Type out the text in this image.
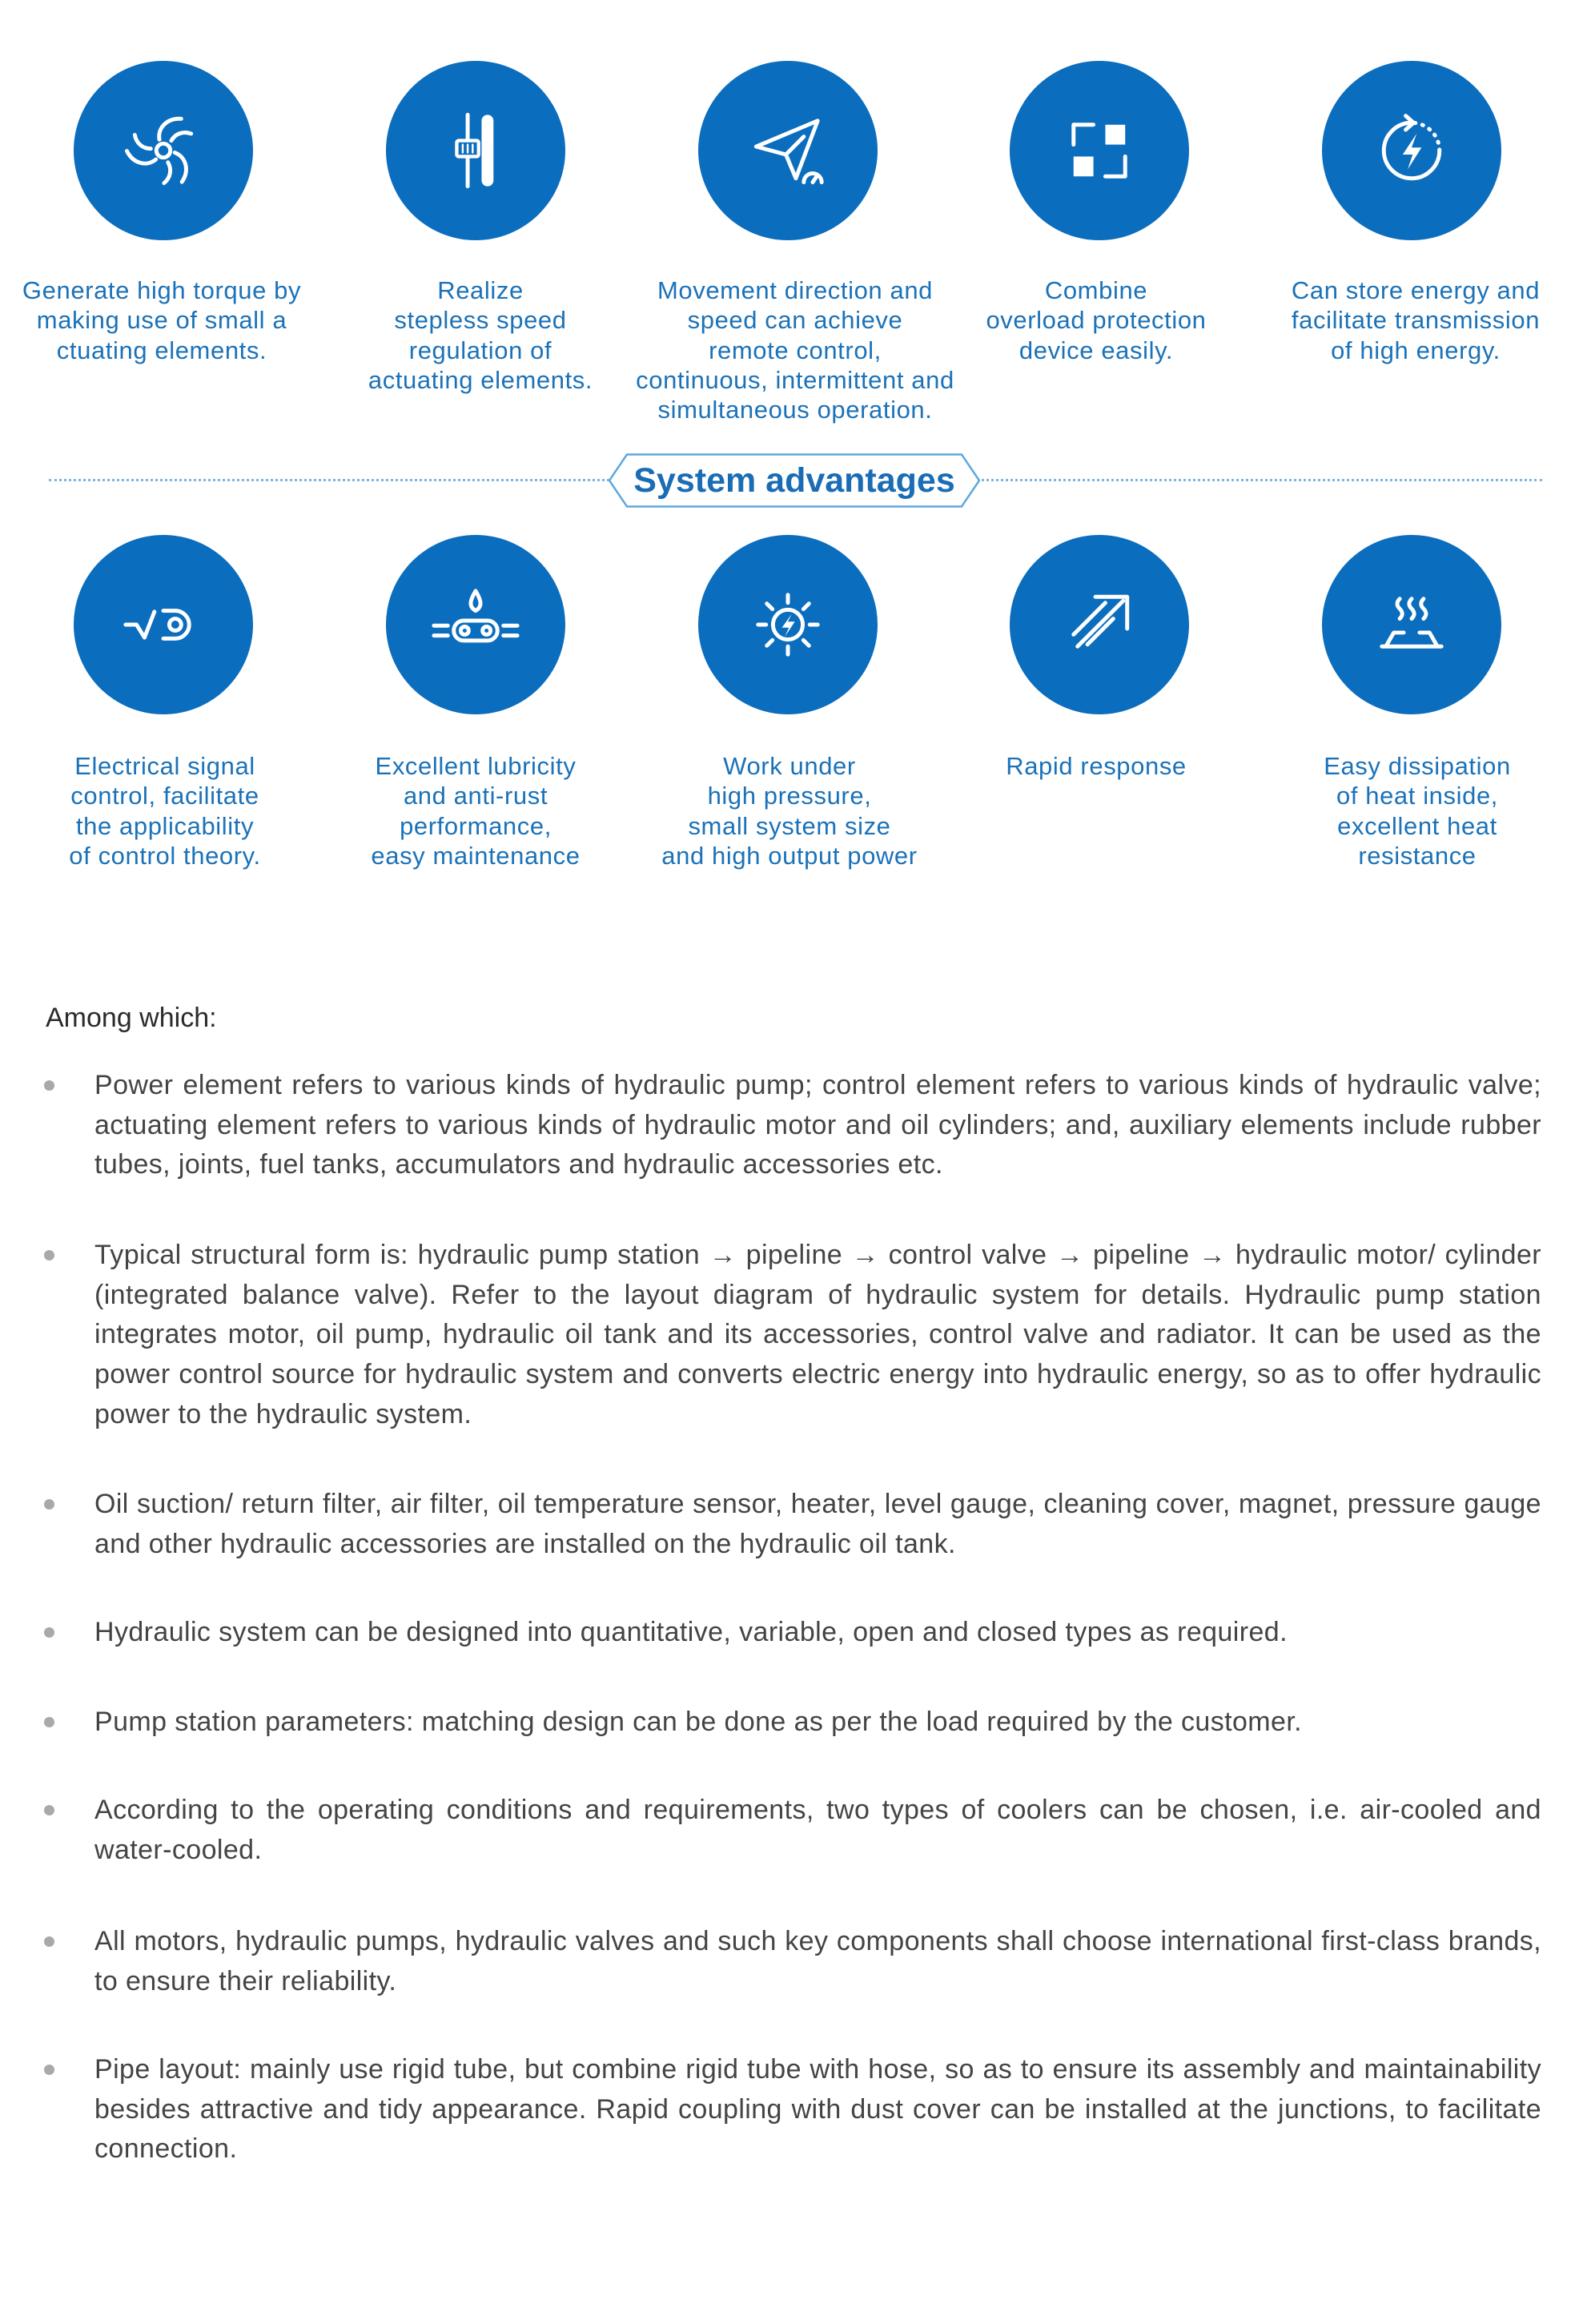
Generate high torque by
making use of small a
ctuating elements.
Realize
stepless speed
regulation of
actuating elements.
Movement direction and
speed can achieve
remote control,
continuous, intermittent and
simultaneous operation.
Combine
overload protection
device easily.
Can store energy and
facilitate transmission
of high energy.
System advantages
Electrical signal
control, facilitate
the applicability
of control theory.
Excellent lubricity
and anti-rust
performance,
easy maintenance
Work under
high pressure,
small system size
and high output power
Rapid response	Easy dissipation
of heat inside,
excellent heat
resistance
Among which:
Power element refers to various kinds of hydraulic pump; control element refers to various kinds of hydraulic valve; actuating element refers to various kinds of hydraulic motor and oil cylinders; and, auxiliary elements include rubber tubes, joints, fuel tanks, accumulators and hydraulic accessories etc.
Typical structural form is: hydraulic pump station → pipeline → control valve → pipeline → hydraulic motor/ cylinder (integrated balance valve). Refer to the layout diagram of hydraulic system for details. Hydraulic pump station integrates motor, oil pump, hydraulic oil tank and its accessories, control valve and radiator. It can be used as the power control source for hydraulic system and converts electric energy into hydraulic energy, so as to offer hydraulic power to the hydraulic system.
Oil suction/ return filter, air filter, oil temperature sensor, heater, level gauge, cleaning cover, magnet, pressure gauge and other hydraulic accessories are installed on the hydraulic oil tank.
Hydraulic system can be designed into quantitative, variable, open and closed types as required.
Pump station parameters: matching design can be done as per the load required by the customer.
According to the operating conditions and requirements, two types of coolers can be chosen, i.e. air-cooled and water-cooled.
All motors, hydraulic pumps, hydraulic valves and such key components shall choose international first-class brands, to ensure their reliability.
Pipe layout: mainly use rigid tube, but combine rigid tube with hose, so as to ensure its assembly and maintainability besides attractive and tidy appearance. Rapid coupling with dust cover can be installed at the junctions, to facilitate connection.
